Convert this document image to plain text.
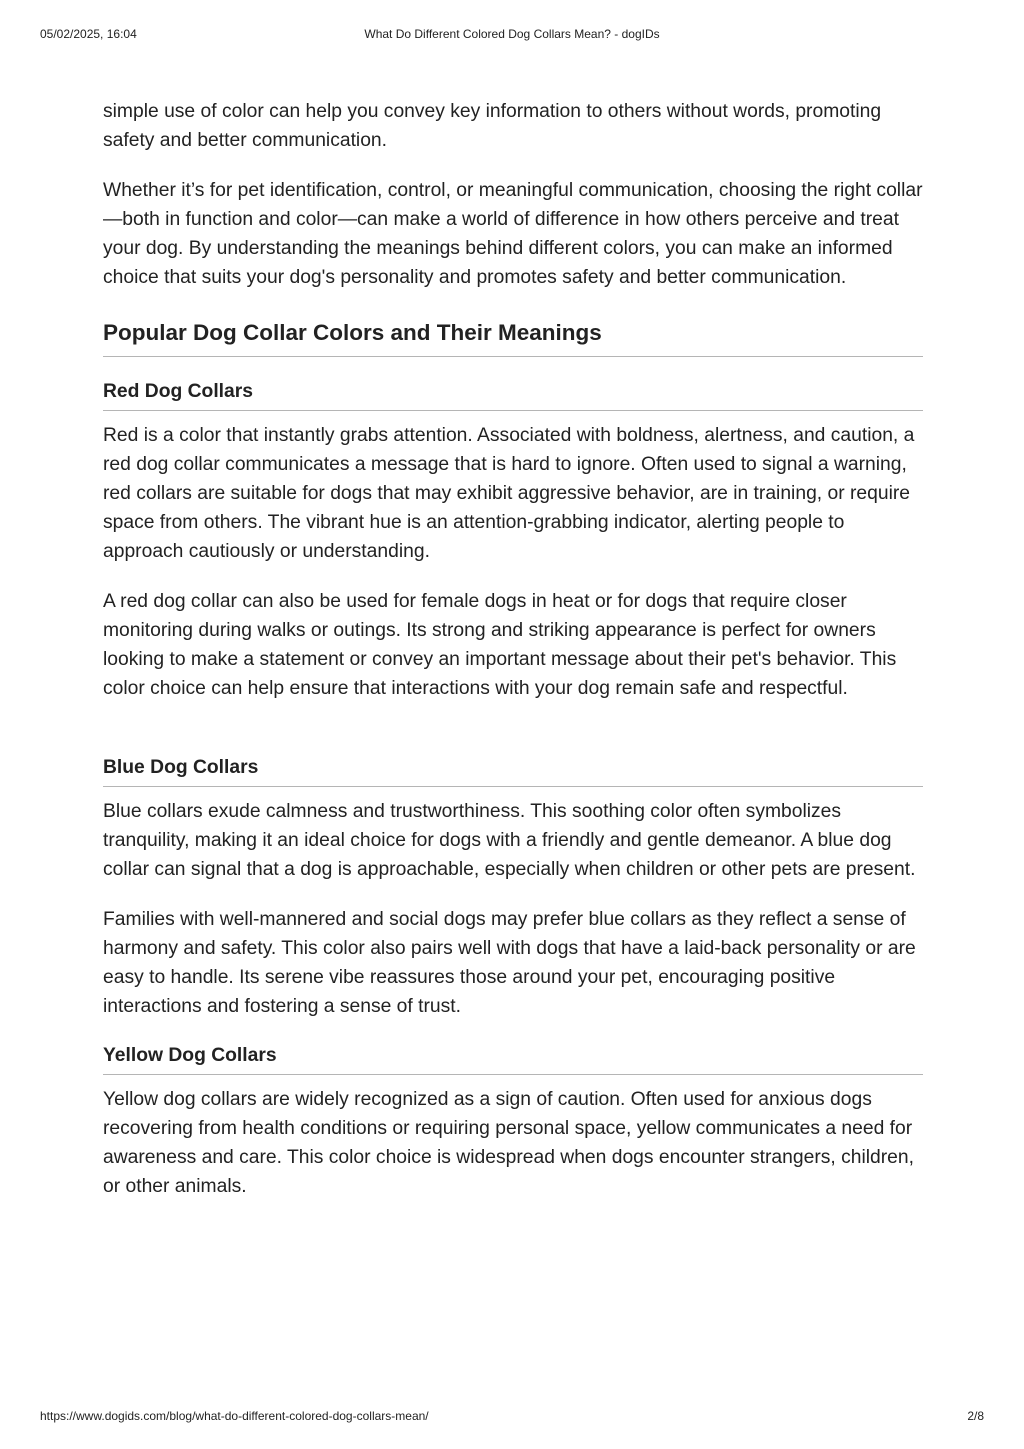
05/02/2025, 16:04	What Do Different Colored Dog Collars Mean? - dogIDs

simple use of color can help you convey key information to others without words, promoting safety and better communication.

Whether it’s for pet identification, control, or meaningful communication, choosing the right collar—both in function and color—can make a world of difference in how others perceive and treat your dog. By understanding the meanings behind different colors, you can make an informed choice that suits your dog's personality and promotes safety and better communication.

Popular Dog Collar Colors and Their Meanings
Red Dog Collars

Red is a color that instantly grabs attention. Associated with boldness, alertness, and caution, a red dog collar communicates a message that is hard to ignore. Often used to signal a warning, red collars are suitable for dogs that may exhibit aggressive behavior, are in training, or require space from others. The vibrant hue is an attention-grabbing indicator, alerting people to approach cautiously or understanding.

A red dog collar can also be used for female dogs in heat or for dogs that require closer monitoring during walks or outings. Its strong and striking appearance is perfect for owners looking to make a statement or convey an important message about their pet's behavior. This color choice can help ensure that interactions with your dog remain safe and respectful.

Blue Dog Collars

Blue collars exude calmness and trustworthiness. This soothing color often symbolizes tranquility, making it an ideal choice for dogs with a friendly and gentle demeanor. A blue dog collar can signal that a dog is approachable, especially when children or other pets are present.

Families with well-mannered and social dogs may prefer blue collars as they reflect a sense of harmony and safety. This color also pairs well with dogs that have a laid-back personality or are easy to handle. Its serene vibe reassures those around your pet, encouraging positive interactions and fostering a sense of trust.

Yellow Dog Collars

Yellow dog collars are widely recognized as a sign of caution. Often used for anxious dogs recovering from health conditions or requiring personal space, yellow communicates a need for awareness and care. This color choice is widespread when dogs encounter strangers, children, or other animals.

https://www.dogids.com/blog/what-do-different-colored-dog-collars-mean/	2/8
